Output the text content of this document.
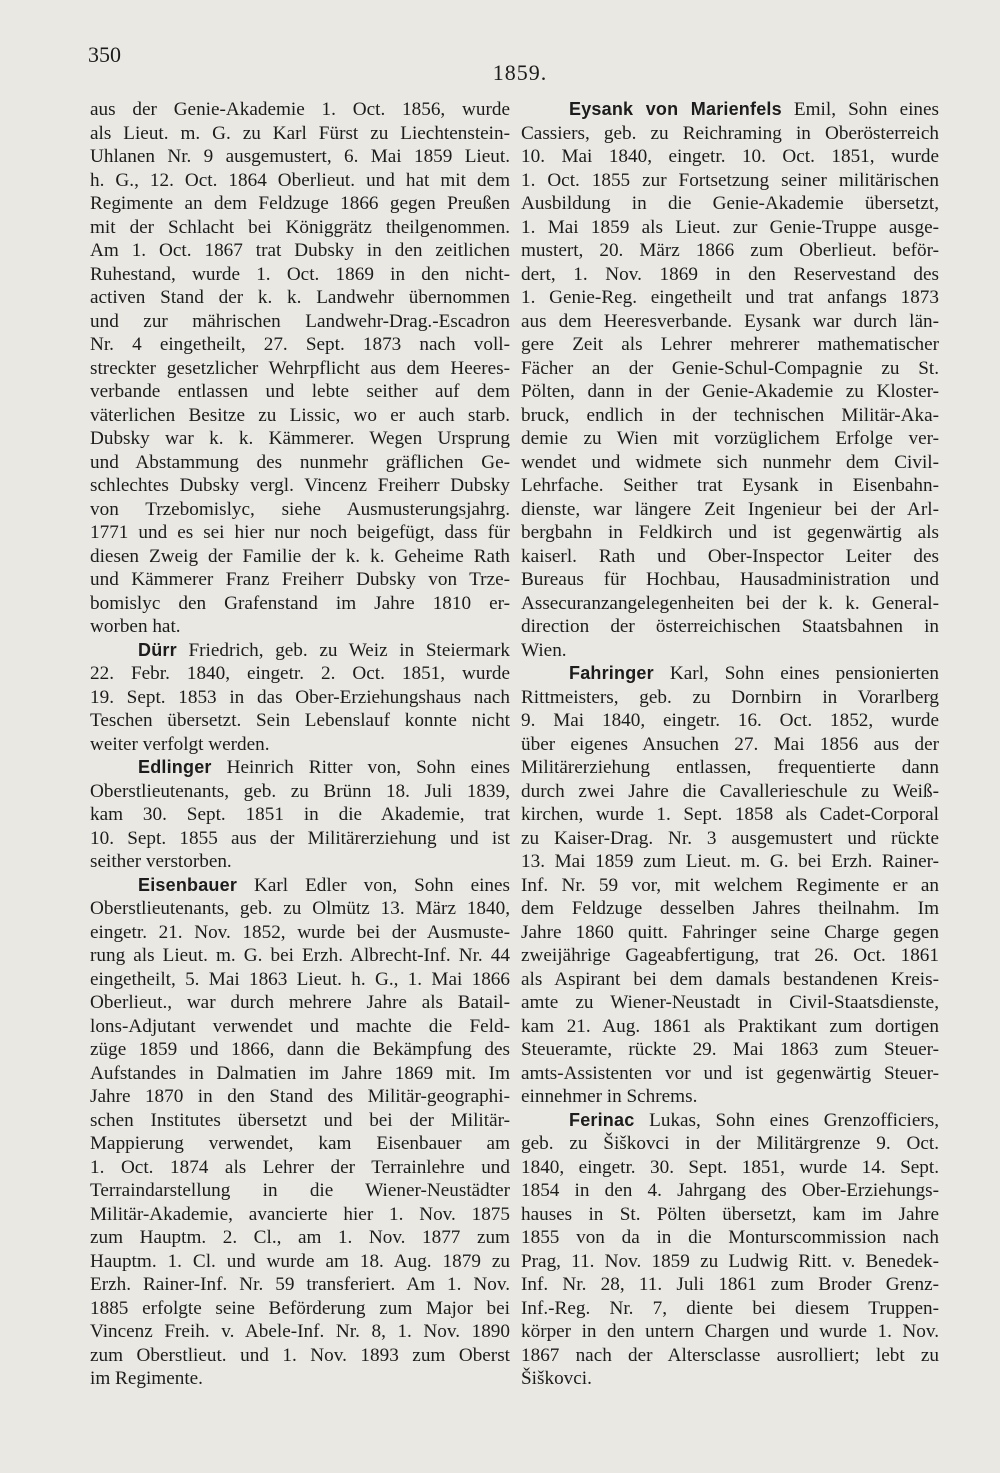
350
1859.
aus der Genie-Akademie 1. Oct. 1856, wurde
als Lieut. m. G. zu Karl Fürst zu Liechtenstein-
Uhlanen Nr. 9 ausgemustert, 6. Mai 1859 Lieut.
h. G., 12. Oct. 1864 Oberlieut. und hat mit dem
Regimente an dem Feldzuge 1866 gegen Preußen
mit der Schlacht bei Königgrätz theilgenommen.
Am 1. Oct. 1867 trat Dubsky in den zeitlichen
Ruhestand, wurde 1. Oct. 1869 in den nicht-
activen Stand der k. k. Landwehr übernommen
und zur mährischen Landwehr-Drag.-Escadron
Nr. 4 eingetheilt, 27. Sept. 1873 nach voll-
streckter gesetzlicher Wehrpflicht aus dem Heeres-
verbande entlassen und lebte seither auf dem
väterlichen Besitze zu Lissic, wo er auch starb.
Dubsky war k. k. Kämmerer. Wegen Ursprung
und Abstammung des nunmehr gräflichen Ge-
schlechtes Dubsky vergl. Vincenz Freiherr Dubsky
von Trzebomislyc, siehe Ausmusterungsjahrg.
1771 und es sei hier nur noch beigefügt, dass für
diesen Zweig der Familie der k. k. Geheime Rath
und Kämmerer Franz Freiherr Dubsky von Trze-
bomislyc den Grafenstand im Jahre 1810 er-
worben hat.
Dürr Friedrich, geb. zu Weiz in Steiermark
22. Febr. 1840, eingetr. 2. Oct. 1851, wurde
19. Sept. 1853 in das Ober-Erziehungshaus nach
Teschen übersetzt. Sein Lebenslauf konnte nicht
weiter verfolgt werden.
Edlinger Heinrich Ritter von, Sohn eines
Oberstlieutenants, geb. zu Brünn 18. Juli 1839,
kam 30. Sept. 1851 in die Akademie, trat
10. Sept. 1855 aus der Militärerziehung und ist
seither verstorben.
Eisenbauer Karl Edler von, Sohn eines
Oberstlieutenants, geb. zu Olmütz 13. März 1840,
eingetr. 21. Nov. 1852, wurde bei der Ausmuste-
rung als Lieut. m. G. bei Erzh. Albrecht-Inf. Nr. 44
eingetheilt, 5. Mai 1863 Lieut. h. G., 1. Mai 1866
Oberlieut., war durch mehrere Jahre als Batail-
lons-Adjutant verwendet und machte die Feld-
züge 1859 und 1866, dann die Bekämpfung des
Aufstandes in Dalmatien im Jahre 1869 mit. Im
Jahre 1870 in den Stand des Militär-geographi-
schen Institutes übersetzt und bei der Militär-
Mappierung verwendet, kam Eisenbauer am
1. Oct. 1874 als Lehrer der Terrainlehre und
Terraindarstellung in die Wiener-Neustädter
Militär-Akademie, avancierte hier 1. Nov. 1875
zum Hauptm. 2. Cl., am 1. Nov. 1877 zum
Hauptm. 1. Cl. und wurde am 18. Aug. 1879 zu
Erzh. Rainer-Inf. Nr. 59 transferiert. Am 1. Nov.
1885 erfolgte seine Beförderung zum Major bei
Vincenz Freih. v. Abele-Inf. Nr. 8, 1. Nov. 1890
zum Oberstlieut. und 1. Nov. 1893 zum Oberst
im Regimente.
Eysank von Marienfels Emil, Sohn eines
Cassiers, geb. zu Reichraming in Oberösterreich
10. Mai 1840, eingetr. 10. Oct. 1851, wurde
1. Oct. 1855 zur Fortsetzung seiner militärischen
Ausbildung in die Genie-Akademie übersetzt,
1. Mai 1859 als Lieut. zur Genie-Truppe ausge-
mustert, 20. März 1866 zum Oberlieut. beför-
dert, 1. Nov. 1869 in den Reservestand des
1. Genie-Reg. eingetheilt und trat anfangs 1873
aus dem Heeresverbande. Eysank war durch län-
gere Zeit als Lehrer mehrerer mathematischer
Fächer an der Genie-Schul-Compagnie zu St.
Pölten, dann in der Genie-Akademie zu Kloster-
bruck, endlich in der technischen Militär-Aka-
demie zu Wien mit vorzüglichem Erfolge ver-
wendet und widmete sich nunmehr dem Civil-
Lehrfache. Seither trat Eysank in Eisenbahn-
dienste, war längere Zeit Ingenieur bei der Arl-
bergbahn in Feldkirch und ist gegenwärtig als
kaiserl. Rath und Ober-Inspector Leiter des
Bureaus für Hochbau, Hausadministration und
Assecuranzangelegenheiten bei der k. k. General-
direction der österreichischen Staatsbahnen in
Wien.
Fahringer Karl, Sohn eines pensionierten
Rittmeisters, geb. zu Dornbirn in Vorarlberg
9. Mai 1840, eingetr. 16. Oct. 1852, wurde
über eigenes Ansuchen 27. Mai 1856 aus der
Militärerziehung entlassen, frequentierte dann
durch zwei Jahre die Cavallerieschule zu Weiß-
kirchen, wurde 1. Sept. 1858 als Cadet-Corporal
zu Kaiser-Drag. Nr. 3 ausgemustert und rückte
13. Mai 1859 zum Lieut. m. G. bei Erzh. Rainer-
Inf. Nr. 59 vor, mit welchem Regimente er an
dem Feldzuge desselben Jahres theilnahm. Im
Jahre 1860 quitt. Fahringer seine Charge gegen
zweijährige Gageabfertigung, trat 26. Oct. 1861
als Aspirant bei dem damals bestandenen Kreis-
amte zu Wiener-Neustadt in Civil-Staatsdienste,
kam 21. Aug. 1861 als Praktikant zum dortigen
Steueramte, rückte 29. Mai 1863 zum Steuer-
amts-Assistenten vor und ist gegenwärtig Steuer-
einnehmer in Schrems.
Ferinac Lukas, Sohn eines Grenzofficiers,
geb. zu Šiškovci in der Militärgrenze 9. Oct.
1840, eingetr. 30. Sept. 1851, wurde 14. Sept.
1854 in den 4. Jahrgang des Ober-Erziehungs-
hauses in St. Pölten übersetzt, kam im Jahre
1855 von da in die Monturscommission nach
Prag, 11. Nov. 1859 zu Ludwig Ritt. v. Benedek-
Inf. Nr. 28, 11. Juli 1861 zum Broder Grenz-
Inf.-Reg. Nr. 7, diente bei diesem Truppen-
körper in den untern Chargen und wurde 1. Nov.
1867 nach der Altersclasse ausrolliert; lebt zu
Šiškovci.
